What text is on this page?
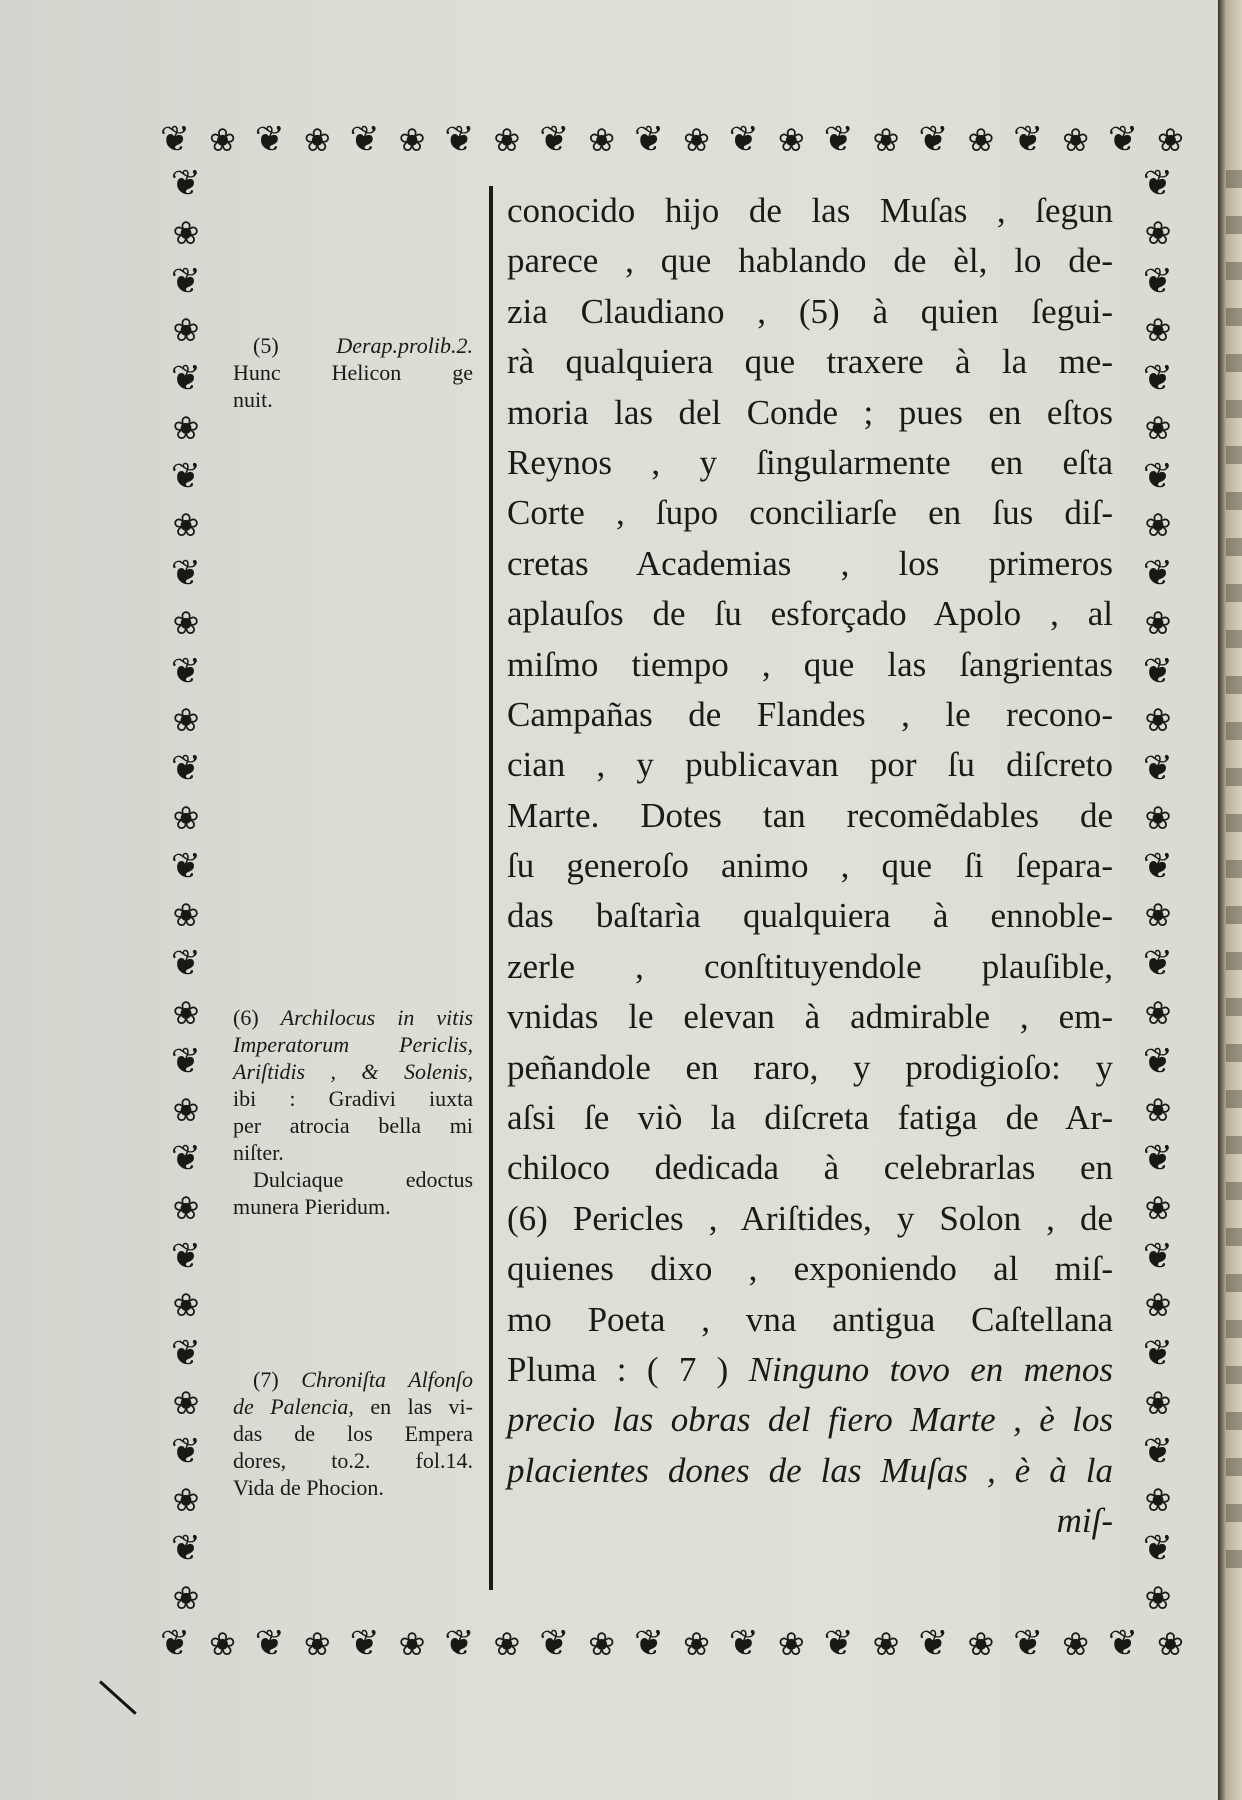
❦
❀
❦
❀
❦
❀
❦
❀
❦
❀
❦
❀
❦
❀
❦
❀
❦
❀
❦
❀
❦
❀
❦
❀
❦
❀
❦
❀
❦
❀
❦
❀
❦
❀
❦
❀
❦
❀
❦
❀
❦
❀
❦
❀
❦
❀
❦
❀
❦
❀
❦
❀
❦
❀
❦
❀
❦
❀
❦
❀
❦
❀
❦
❀
❦
❀
❦
❀
❦
❀
❦
❀
❦
❀
❦
❀
❦
❀
❦
❀
❦
❀
❦
❀
❦
❀
❦
❀
❦
❀
❦
❀
❦
❀
❦
❀
❦
❀
❦
❀
❦
❀
❦
❀
conocido hijo de las Muſas , ſegun
parece , que hablando de èl, lo de-
zia Claudiano , (5) à quien ſegui-
rà qualquiera que traxere à la me-
moria las del Conde ; pues en eſtos
Reynos , y ſingularmente en eſta
Corte , ſupo conciliarſe en ſus diſ-
cretas Academias , los primeros
aplauſos de ſu esforçado Apolo , al
miſmo tiempo , que las ſangrientas
Campañas de Flandes , le recono-
cian , y publicavan por ſu diſcreto
Marte. Dotes tan recomẽdables de
ſu generoſo animo , que ſi ſepara-
das baſtarìa qualquiera à ennoble-
zerle , conſtituyendole plauſible,
vnidas le elevan à admirable , em-
peñandole en raro, y prodigioſo: y
aſsi ſe viò la diſcreta fatiga de Ar-
chiloco dedicada à celebrarlas en
(6) Pericles , Ariſtides, y Solon , de
quienes dixo , exponiendo al miſ-
mo Poeta , vna antigua Caſtellana
Pluma : ( 7 ) Ninguno tovo en menos
precio las obras del fiero Marte , è los
placientes dones de las Muſas , è à la
miſ-
(5) Derap.prolib.2.
Hunc Helicon ge
nuit.
(6) Archilocus in vitis
Imperatorum Periclis,
Ariſtidis , & Solenis,
ibi : Gradivi iuxta
per atrocia bella mi
niſter.
Dulciaque edoctus
munera Pieridum.
(7) Chroniſta Alfonſo
de Palencia, en las vi-
das de los Empera
dores, to.2. fol.14.
Vida de Phocion.
